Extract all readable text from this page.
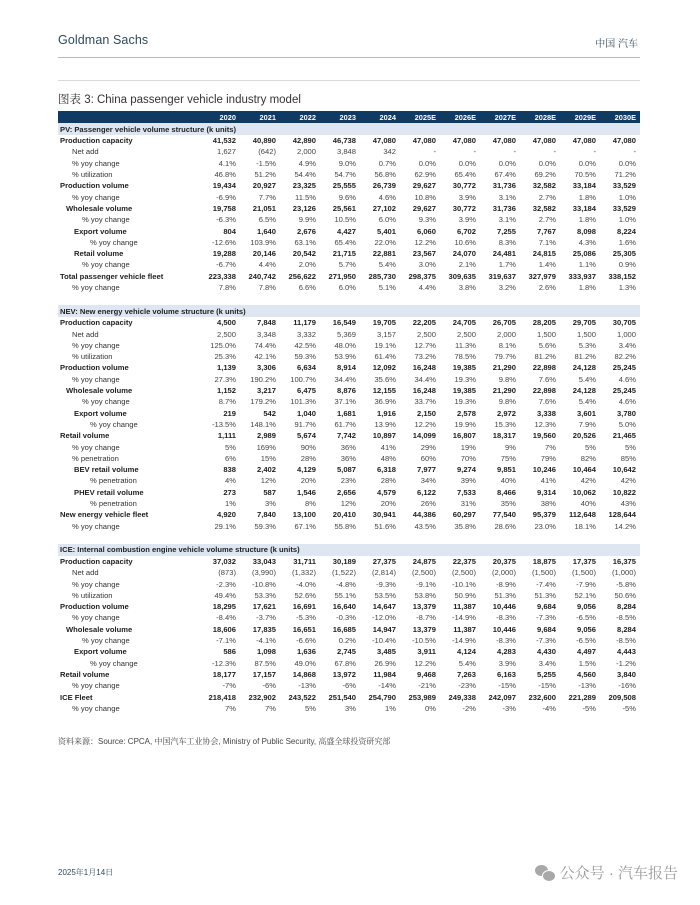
Goldman Sachs	中国 汽车
图表 3: China passenger vehicle industry model
	2020	2021	2022	2023	2024	2025E	2026E	2027E	2028E	2029E	2030E
PV: Passenger vehicle volume structure (k units)											
Production capacity	41,532	40,890	42,890	46,738	47,080	47,080	47,080	47,080	47,080	47,080	47,080
Net add	1,627	(642)	2,000	3,848	342	-	-	-	-	-	-
% yoy change	4.1%	-1.5%	4.9%	9.0%	0.7%	0.0%	0.0%	0.0%	0.0%	0.0%	0.0%
% utilization	46.8%	51.2%	54.4%	54.7%	56.8%	62.9%	65.4%	67.4%	69.2%	70.5%	71.2%
Production volume	19,434	20,927	23,325	25,555	26,739	29,627	30,772	31,736	32,582	33,184	33,529
% yoy change	-6.9%	7.7%	11.5%	9.6%	4.6%	10.8%	3.9%	3.1%	2.7%	1.8%	1.0%
Wholesale volume	19,758	21,051	23,126	25,561	27,102	29,627	30,772	31,736	32,582	33,184	33,529
% yoy change	-6.3%	6.5%	9.9%	10.5%	6.0%	9.3%	3.9%	3.1%	2.7%	1.8%	1.0%
Export volume	804	1,640	2,676	4,427	5,401	6,060	6,702	7,255	7,767	8,098	8,224
% yoy change	-12.6%	103.9%	63.1%	65.4%	22.0%	12.2%	10.6%	8.3%	7.1%	4.3%	1.6%
Retail volume	19,288	20,146	20,542	21,715	22,881	23,567	24,070	24,481	24,815	25,086	25,305
% yoy change	-6.7%	4.4%	2.0%	5.7%	5.4%	3.0%	2.1%	1.7%	1.4%	1.1%	0.9%
Total passenger vehicle fleet	223,338	240,742	256,622	271,950	285,730	298,375	309,635	319,637	327,979	333,937	338,152
% yoy change	7.8%	7.8%	6.6%	6.0%	5.1%	4.4%	3.8%	3.2%	2.6%	1.8%	1.3%

NEV: New energy vehicle volume structure (k units)											
Production capacity	4,500	7,848	11,179	16,549	19,705	22,205	24,705	26,705	28,205	29,705	30,705
Net add	2,500	3,348	3,332	5,369	3,157	2,500	2,500	2,000	1,500	1,500	1,000
% yoy change	125.0%	74.4%	42.5%	48.0%	19.1%	12.7%	11.3%	8.1%	5.6%	5.3%	3.4%
% utilization	25.3%	42.1%	59.3%	53.9%	61.4%	73.2%	78.5%	79.7%	81.2%	81.2%	82.2%
Production volume	1,139	3,306	6,634	8,914	12,092	16,248	19,385	21,290	22,898	24,128	25,245
% yoy change	27.3%	190.2%	100.7%	34.4%	35.6%	34.4%	19.3%	9.8%	7.6%	5.4%	4.6%
Wholesale volume	1,152	3,217	6,475	8,876	12,155	16,248	19,385	21,290	22,898	24,128	25,245
% yoy change	8.7%	179.2%	101.3%	37.1%	36.9%	33.7%	19.3%	9.8%	7.6%	5.4%	4.6%
Export volume	219	542	1,040	1,681	1,916	2,150	2,578	2,972	3,338	3,601	3,780
% yoy change	-13.5%	148.1%	91.7%	61.7%	13.9%	12.2%	19.9%	15.3%	12.3%	7.9%	5.0%
Retail volume	1,111	2,989	5,674	7,742	10,897	14,099	16,807	18,317	19,560	20,526	21,465
% yoy change	5%	169%	90%	36%	41%	29%	19%	9%	7%	5%	5%
% penetration	6%	15%	28%	36%	48%	60%	70%	75%	79%	82%	85%
BEV retail volume	838	2,402	4,129	5,087	6,318	7,977	9,274	9,851	10,246	10,464	10,642
% penetration	4%	12%	20%	23%	28%	34%	39%	40%	41%	42%	42%
PHEV retail volume	273	587	1,546	2,656	4,579	6,122	7,533	8,466	9,314	10,062	10,822
% penetration	1%	3%	8%	12%	20%	26%	31%	35%	38%	40%	43%
New energy vehicle fleet	4,920	7,840	13,100	20,410	30,941	44,386	60,297	77,540	95,379	112,648	128,644
% yoy change	29.1%	59.3%	67.1%	55.8%	51.6%	43.5%	35.8%	28.6%	23.0%	18.1%	14.2%

ICE: Internal combustion engine vehicle volume structure (k units)											
Production capacity	37,032	33,043	31,711	30,189	27,375	24,875	22,375	20,375	18,875	17,375	16,375
Net add	(873)	(3,990)	(1,332)	(1,522)	(2,814)	(2,500)	(2,500)	(2,000)	(1,500)	(1,500)	(1,000)
% yoy change	-2.3%	-10.8%	-4.0%	-4.8%	-9.3%	-9.1%	-10.1%	-8.9%	-7.4%	-7.9%	-5.8%
% utilization	49.4%	53.3%	52.6%	55.1%	53.5%	53.8%	50.9%	51.3%	51.3%	52.1%	50.6%
Production volume	18,295	17,621	16,691	16,640	14,647	13,379	11,387	10,446	9,684	9,056	8,284
% yoy change	-8.4%	-3.7%	-5.3%	-0.3%	-12.0%	-8.7%	-14.9%	-8.3%	-7.3%	-6.5%	-8.5%
Wholesale volume	18,606	17,835	16,651	16,685	14,947	13,379	11,387	10,446	9,684	9,056	8,284
% yoy change	-7.1%	-4.1%	-6.6%	0.2%	-10.4%	-10.5%	-14.9%	-8.3%	-7.3%	-6.5%	-8.5%
Export volume	586	1,098	1,636	2,745	3,485	3,911	4,124	4,283	4,430	4,497	4,443
% yoy change	-12.3%	87.5%	49.0%	67.8%	26.9%	12.2%	5.4%	3.9%	3.4%	1.5%	-1.2%
Retail volume	18,177	17,157	14,868	13,972	11,984	9,468	7,263	6,163	5,255	4,560	3,840
% yoy change	-7%	-6%	-13%	-6%	-14%	-21%	-23%	-15%	-15%	-13%	-16%
ICE Fleet	218,418	232,902	243,522	251,540	254,790	253,989	249,338	242,097	232,600	221,289	209,508
% yoy change	7%	7%	5%	3%	1%	0%	-2%	-3%	-4%	-5%	-5%
资料来源：Source: CPCA, 中国汽车工业协会, Ministry of Public Security, 高盛全球投资研究部
2025年1月14日	公众号 · 汽车报告
